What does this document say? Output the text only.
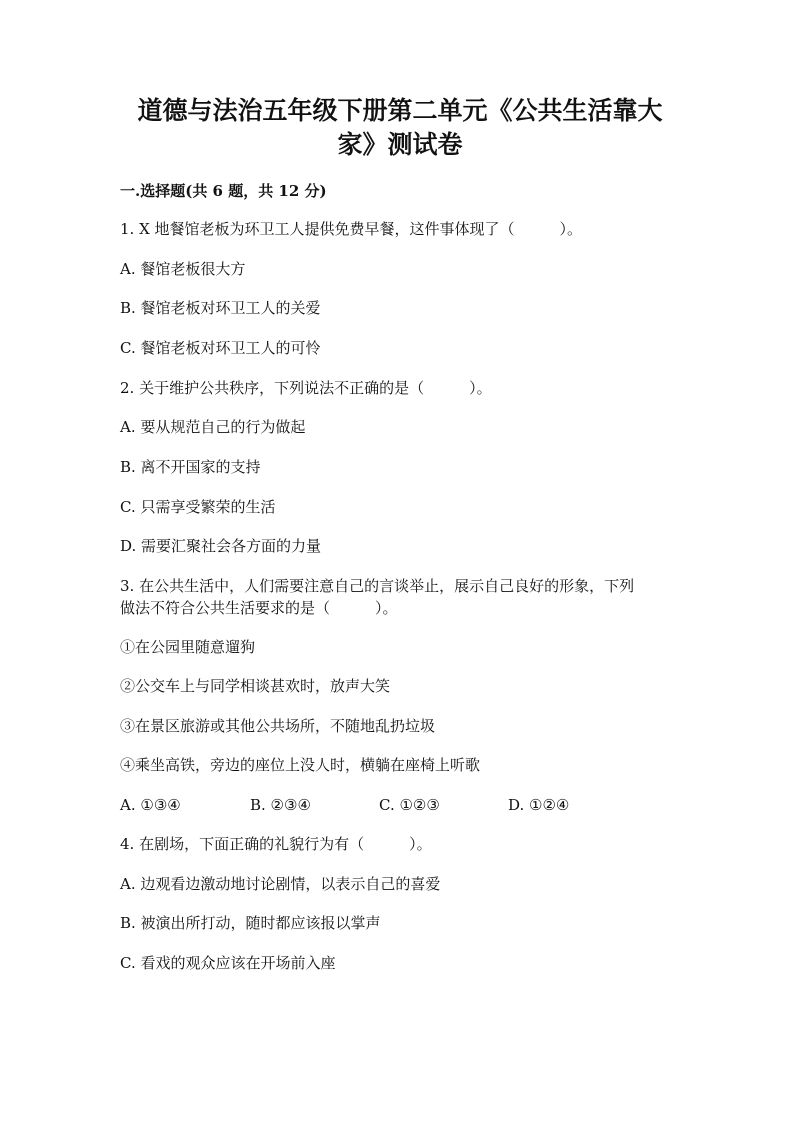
道德与法治五年级下册第二单元《公共生活靠大
家》测试卷
一.选择题(共 6 题，共 12 分)
1. X 地餐馆老板为环卫工人提供免费早餐，这件事体现了（　　　）。
A. 餐馆老板很大方
B. 餐馆老板对环卫工人的关爱
C. 餐馆老板对环卫工人的可怜
2. 关于维护公共秩序，下列说法不正确的是（　　　）。
A. 要从规范自己的行为做起
B. 离不开国家的支持
C. 只需享受繁荣的生活
D. 需要汇聚社会各方面的力量
3. 在公共生活中，人们需要注意自己的言谈举止，展示自己良好的形象，下列
做法不符合公共生活要求的是（　　　）。
①在公园里随意遛狗
②公交车上与同学相谈甚欢时，放声大笑
③在景区旅游或其他公共场所，不随地乱扔垃圾
④乘坐高铁，旁边的座位上没人时，横躺在座椅上听歌
A. ①③④	B. ②③④	C. ①②③	D. ①②④
4. 在剧场，下面正确的礼貌行为有（　　　）。
A. 边观看边激动地讨论剧情，以表示自己的喜爱
B. 被演出所打动，随时都应该报以掌声
C. 看戏的观众应该在开场前入座
